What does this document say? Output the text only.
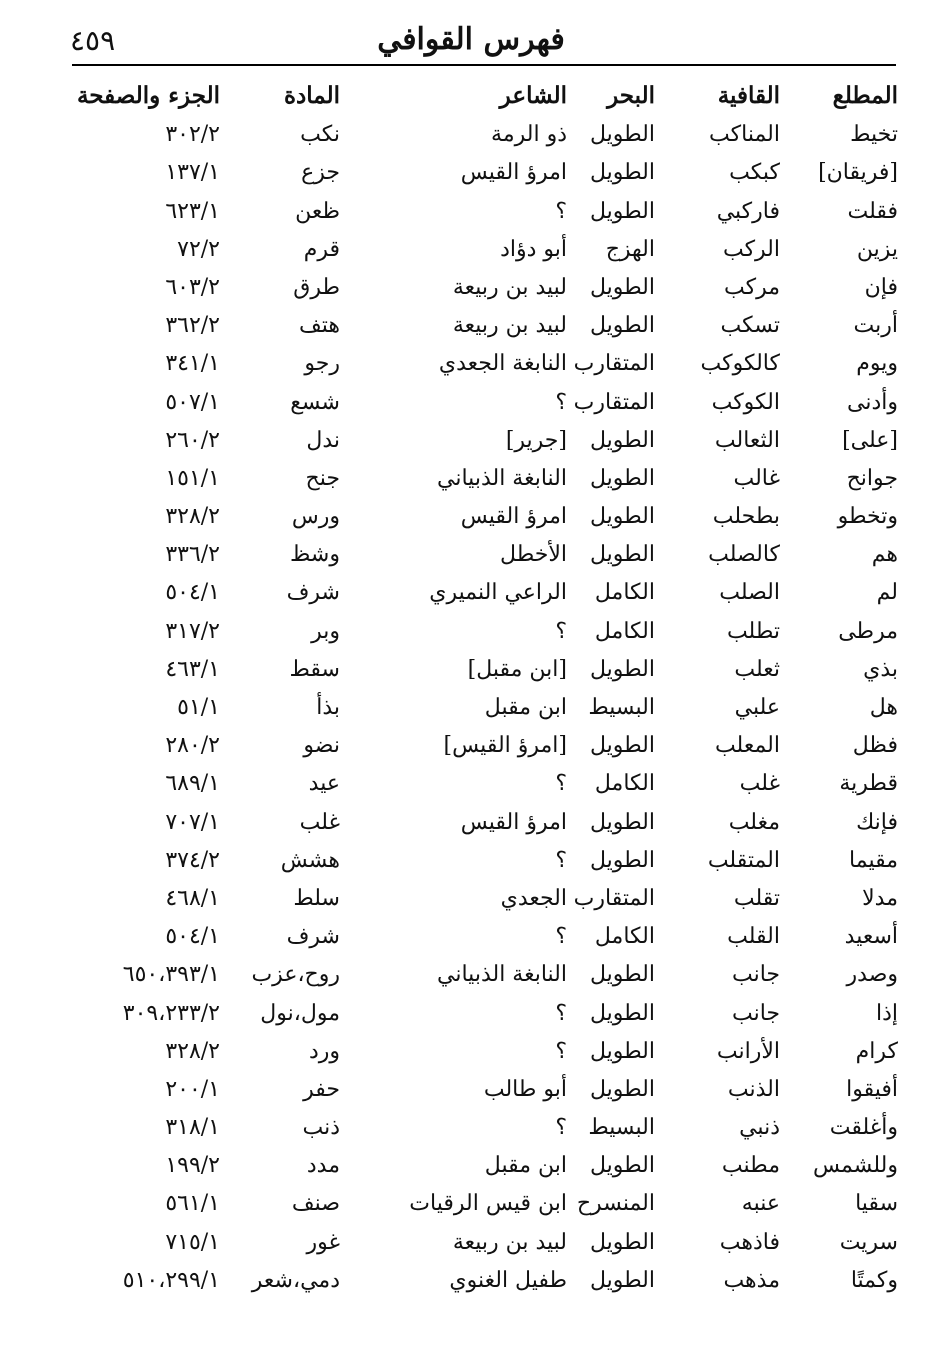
فهرس القوافي
٤٥٩
المطلع
القافية
البحر
الشاعر
المادة
الجزء والصفحة
تخيط
المناكب
الطويل
ذو الرمة
نكب
٣٠٢/٢
[فريقان]
كبكب
الطويل
امرؤ القيس
جزع
١٣٧/١
فقلت
فاركبي
الطويل
؟
ظعن
٦٢٣/١
يزين
الركب
الهزج
أبو دؤاد
قرم
٧٢/٢
فإن
مركب
الطويل
لبيد بن ربيعة
طرق
٦٠٣/٢
أربت
تسكب
الطويل
لبيد بن ربيعة
هتف
٣٦٢/٢
ويوم
كالكوكب
المتقارب
النابغة الجعدي
رجو
٣٤١/١
وأدنى
الكوكب
المتقارب
؟
شسع
٥٠٧/١
[على]
الثعالب
الطويل
[جرير]
ندل
٢٦٠/٢
جوانح
غالب
الطويل
النابغة الذبياني
جنح
١٥١/١
وتخطو
بطحلب
الطويل
امرؤ القيس
ورس
٣٢٨/٢
هم
كالصلب
الطويل
الأخطل
وشظ
٣٣٦/٢
لم
الصلب
الكامل
الراعي النميري
شرف
٥٠٤/١
مرطى
تطلب
الكامل
؟
وبر
٣١٧/٢
بذي
ثعلب
الطويل
[ابن مقبل]
سقط
٤٦٣/١
هل
علبي
البسيط
ابن مقبل
بذأ
٥١/١
فظل
المعلب
الطويل
[امرؤ القيس]
نضو
٢٨٠/٢
قطرية
غلب
الكامل
؟
عيد
٦٨٩/١
فإنك
مغلب
الطويل
امرؤ القيس
غلب
٧٠٧/١
مقيما
المتقلب
الطويل
؟
هشش
٣٧٤/٢
مدلا
تقلب
المتقارب
الجعدي
سلط
٤٦٨/١
أسعيد
القلب
الكامل
؟
شرف
٥٠٤/١
وصدر
جانب
الطويل
النابغة الذبياني
روح،عزب
٦٥٠،٣٩٣/١
إذا
جانب
الطويل
؟
مول،نول
٣٠٩،٢٣٣/٢
كرام
الأرانب
الطويل
؟
ورد
٣٢٨/٢
أفيقوا
الذنب
الطويل
أبو طالب
حفر
٢٠٠/١
وأغلقت
ذنبي
البسيط
؟
ذنب
٣١٨/١
وللشمس
مطنب
الطويل
ابن مقبل
مدد
١٩٩/٢
سقيا
عنبه
المنسرح
ابن قيس الرقيات
صنف
٥٦١/١
سريت
فاذهب
الطويل
لبيد بن ربيعة
غور
٧١٥/١
وكمتًا
مذهب
الطويل
طفيل الغنوي
دمي،شعر
٥١٠،٢٩٩/١
